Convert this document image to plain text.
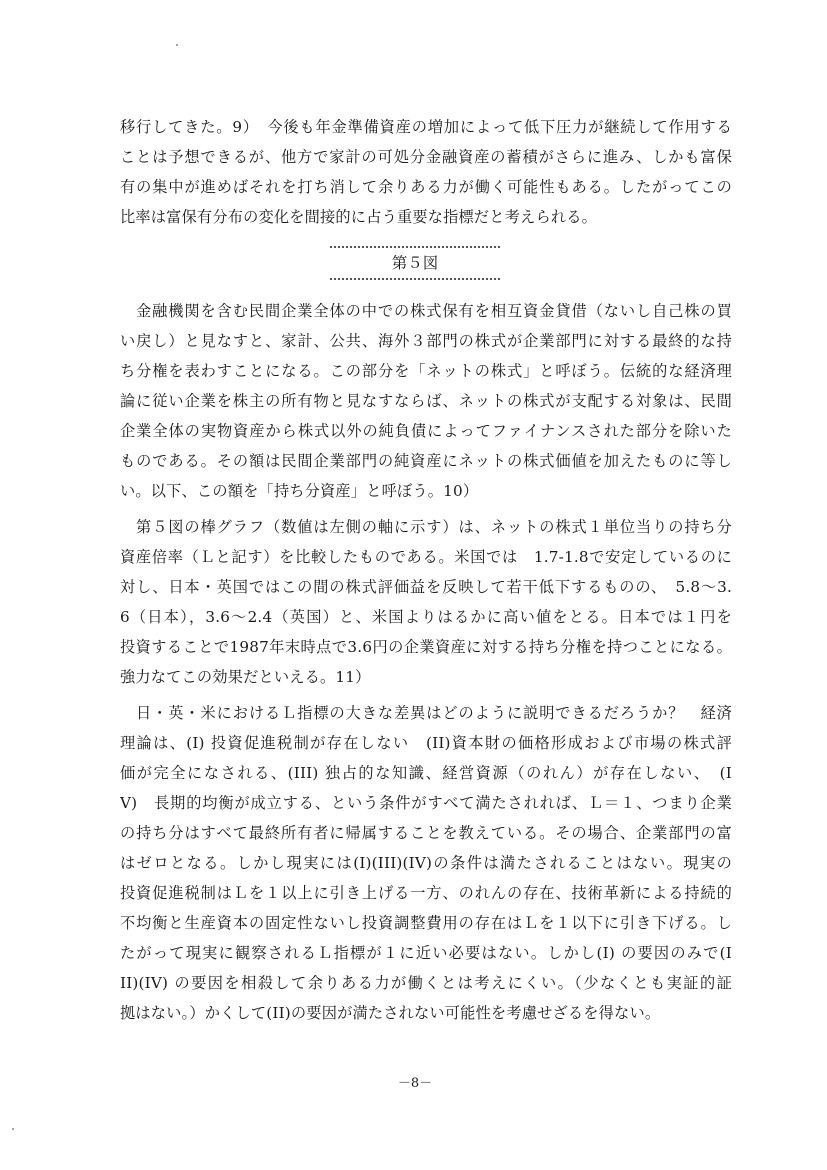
移行してきた。9）　今後も年金準備資産の増加によって低下圧力が継続して作用する
ことは予想できるが、他方で家計の可処分金融資産の蓄積がさらに進み、しかも富保
有の集中が進めばそれを打ち消して余りある力が働く可能性もある。したがってこの
比率は富保有分布の変化を間接的に占う重要な指標だと考えられる。
第５図
金融機関を含む民間企業全体の中での株式保有を相互資金貸借（ないし自己株の買
い戻し）と見なすと、家計、公共、海外３部門の株式が企業部門に対する最終的な持
ち分権を表わすことになる。この部分を「ネットの株式」と呼ぼう。伝統的な経済理
論に従い企業を株主の所有物と見なすならば、ネットの株式が支配する対象は、民間
企業全体の実物資産から株式以外の純負債によってファイナンスされた部分を除いた
ものである。その額は民間企業部門の純資産にネットの株式価値を加えたものに等し
い。以下、この額を「持ち分資産」と呼ぼう。10）
第５図の棒グラフ（数値は左側の軸に示す）は、ネットの株式１単位当りの持ち分
資産倍率（Ｌと記す）を比較したものである。米国では　1.7-1.8で安定しているのに
対し、日本・英国ではこの間の株式評価益を反映して若干低下するものの、　5.8～3.
6（日本），3.6～2.4（英国）と、米国よりはるかに高い値をとる。日本では１円を
投資することで1987年末時点で3.6円の企業資産に対する持ち分権を持つことになる。
強力なてこの効果だといえる。11）
日・英・米におけるＬ指標の大きな差異はどのように説明できるだろうか？　経済
理論は、(I) 投資促進税制が存在しない　(II)資本財の価格形成および市場の株式評
価が完全になされる、(III) 独占的な知識、経営資源（のれん）が存在しない、　(I
V)　長期的均衡が成立する、という条件がすべて満たされれば、Ｌ＝１、つまり企業
の持ち分はすべて最終所有者に帰属することを教えている。その場合、企業部門の富
はゼロとなる。しかし現実には(I)(III)(IV)の条件は満たされることはない。現実の
投資促進税制はＬを１以上に引き上げる一方、のれんの存在、技術革新による持続的
不均衡と生産資本の固定性ないし投資調整費用の存在はＬを１以下に引き下げる。し
たがって現実に観察されるＬ指標が１に近い必要はない。しかし(I) の要因のみで(I
II)(IV) の要因を相殺して余りある力が働くとは考えにくい。（少なくとも実証的証
拠はない。）かくして(II)の要因が満たされない可能性を考慮せざるを得ない。
－8－
